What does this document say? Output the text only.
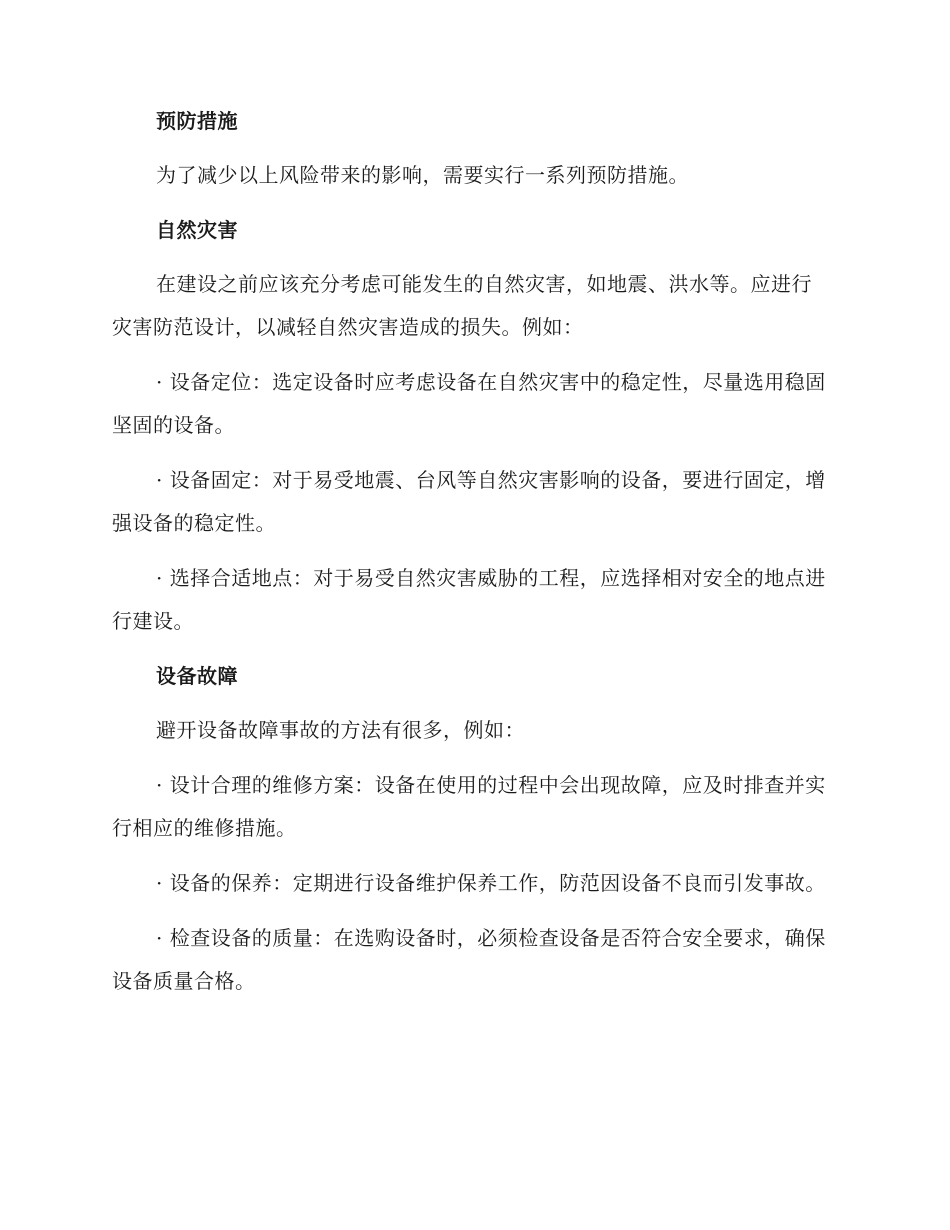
预防措施

为了减少以上风险带来的影响，需要实行一系列预防措施。

自然灾害

在建设之前应该充分考虑可能发生的自然灾害，如地震、洪水等。应进行灾害防范设计，以减轻自然灾害造成的损失。例如：

· 设备定位：选定设备时应考虑设备在自然灾害中的稳定性，尽量选用稳固坚固的设备。

· 设备固定：对于易受地震、台风等自然灾害影响的设备，要进行固定，增强设备的稳定性。

· 选择合适地点：对于易受自然灾害威胁的工程，应选择相对安全的地点进行建设。

设备故障

避开设备故障事故的方法有很多，例如：

· 设计合理的维修方案：设备在使用的过程中会出现故障，应及时排查并实行相应的维修措施。

· 设备的保养：定期进行设备维护保养工作，防范因设备不良而引发事故。

· 检查设备的质量：在选购设备时，必须检查设备是否符合安全要求，确保设备质量合格。
